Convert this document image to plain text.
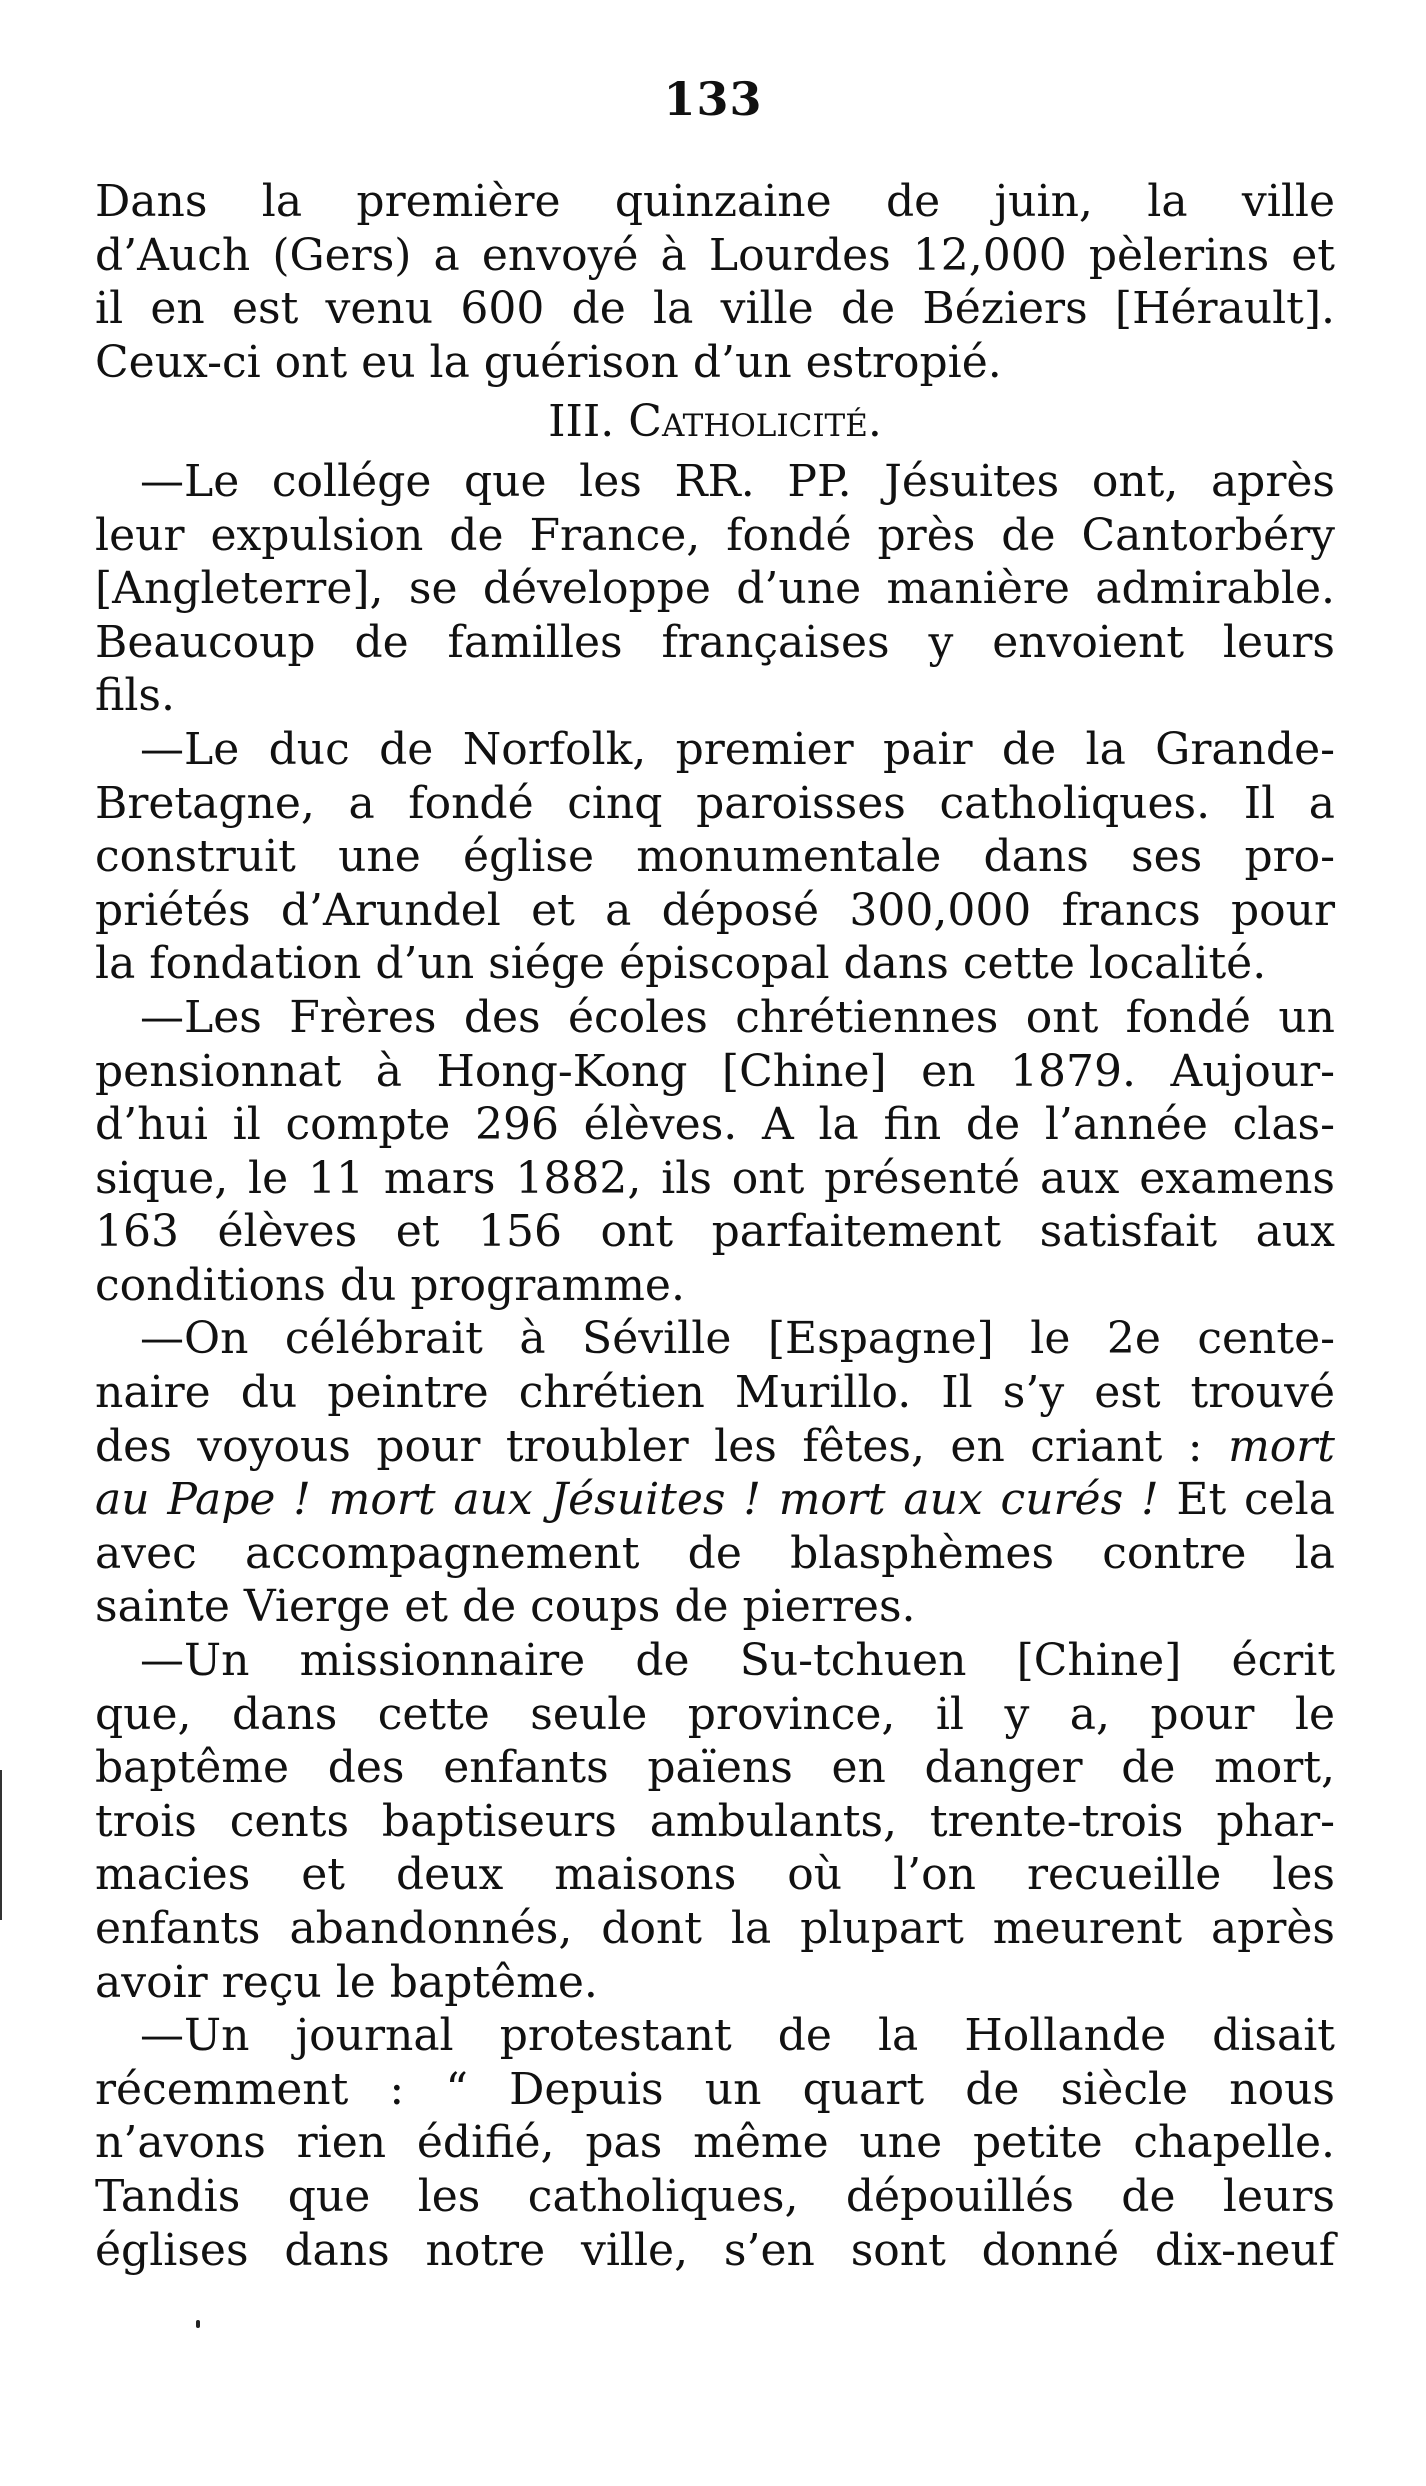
133
Dans la première quinzaine de juin, la ville
d’Auch (Gers) a envoyé à Lourdes 12,000 pèlerins et
il en est venu 600 de la ville de Béziers [Hérault].
Ceux-ci ont eu la guérison d’un estropié.
III. Catholicité.
—Le collége que les RR. PP. Jésuites ont, après
leur expulsion de France, fondé près de Cantorbéry
[Angleterre], se développe d’une manière admirable.
Beaucoup de familles françaises y envoient leurs
fils.
—Le duc de Norfolk, premier pair de la Grande-
Bretagne, a fondé cinq paroisses catholiques. Il a
construit une église monumentale dans ses pro-
priétés d’Arundel et a déposé 300,000 francs pour
la fondation d’un siége épiscopal dans cette localité.
—Les Frères des écoles chrétiennes ont fondé un
pensionnat à Hong-Kong [Chine] en 1879. Aujour-
d’hui il compte 296 élèves. A la fin de l’année clas-
sique, le 11 mars 1882, ils ont présenté aux examens
163 élèves et 156 ont parfaitement satisfait aux
conditions du programme.
—On célébrait à Séville [Espagne] le 2e cente-
naire du peintre chrétien Murillo. Il s’y est trouvé
des voyous pour troubler les fêtes, en criant : mort
au Pape ! mort aux Jésuites ! mort aux curés ! Et cela
avec accompagnement de blasphèmes contre la
sainte Vierge et de coups de pierres.
—Un missionnaire de Su-tchuen [Chine] écrit
que, dans cette seule province, il y a, pour le
baptême des enfants païens en danger de mort,
trois cents baptiseurs ambulants, trente-trois phar-
macies et deux maisons où l’on recueille les
enfants abandonnés, dont la plupart meurent après
avoir reçu le baptême.
—Un journal protestant de la Hollande disait
récemment : “ Depuis un quart de siècle nous
n’avons rien édifié, pas même une petite chapelle.
Tandis que les catholiques, dépouillés de leurs
églises dans notre ville, s’en sont donné dix-neuf
